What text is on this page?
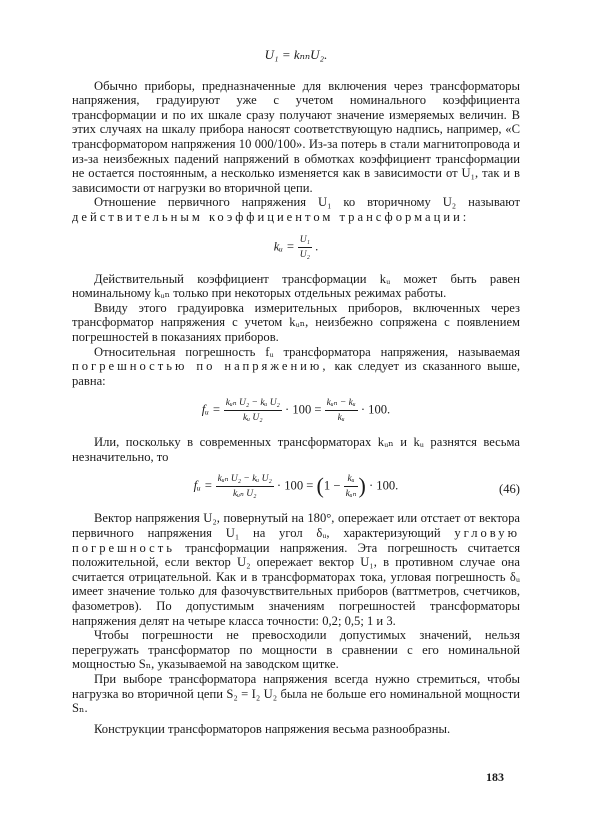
U₁ = kₙₙU₂.

Обычно приборы, предназначенные для включения через трансформаторы напряжения, градуируют уже с учетом номинального коэффициента трансформации и по их шкале сразу получают значение измеряемых величин. В этих случаях на шкалу прибора наносят соответствующую надпись, например, «С трансформатором напряжения 10 000/100». Из-за потерь в стали магнитопровода и из-за неизбежных падений напряжений в обмотках коэффициент трансформации не остается постоянным, а несколько изменяется как в зависимости от U₁, так и в зависимости от нагрузки во вторичной цепи.

Отношение первичного напряжения U₁ ко вторичному U₂ называют действительным коэффициентом трансформации:

kᵤ = $\frac{\text{U₁}}{\text{U₂}}$ .

Действительный коэффициент трансформации kᵤ может быть равен номинальному kᵤₙ только при некоторых отдельных режимах работы.

Ввиду этого градуировка измерительных приборов, включенных через трансформатор напряжения с учетом kᵤₙ, неизбежно сопряжена с появлением погрешностей в показаниях приборов.

Относительная погрешность fᵤ трансформатора напряжения, называемая погрешностью по напряжению, как следует из сказанного выше, равна:

fᵤ = $\frac{\text{kᵤₙ U₂ − kᵤ U₂}}{\text{kᵤ U₂}} \cdot 100 = \frac{\text{kᵤₙ − kᵤ}}{\text{kᵤ}} \cdot 100$.

Или, поскольку в современных трансформаторах kᵤₙ и kᵤ разнятся весьма незначительно, то

fᵤ = $\frac{\text{kᵤₙ U₂ − kᵤ U₂}}{\text{kᵤₙ U₂}} \cdot 100 = (1 - \frac{\text{kᵤ}}{\text{kᵤₙ}}$ ) · 100.	(46)

Вектор напряжения U₂, повернутый на 180°, опережает или отстает от вектора первичного напряжения U₁ на угол δᵤ, характеризующий угловую погрешность трансформации напряжения. Эта погрешность считается положительной, если вектор U₂ опережает вектор U₁, в противном случае она считается отрицательной. Как и в трансформаторах тока, угловая погрешность δᵤ имеет значение только для фазочувствительных приборов (ваттметров, счетчиков, фазометров). По допустимым значениям погрешностей трансформаторы напряжения делят на четыре класса точности: 0,2; 0,5; 1 и 3.

Чтобы погрешности не превосходили допустимых значений, нельзя перегружать трансформатор по мощности в сравнении с его номинальной мощностью Sₙ, указываемой на заводском щитке.

При выборе трансформатора напряжения всегда нужно стремиться, чтобы нагрузка во вторичной цепи S₂ = I₂ U₂ была не больше его номинальной мощности Sₙ.

Конструкции трансформаторов напряжения весьма разнообразны.

183
